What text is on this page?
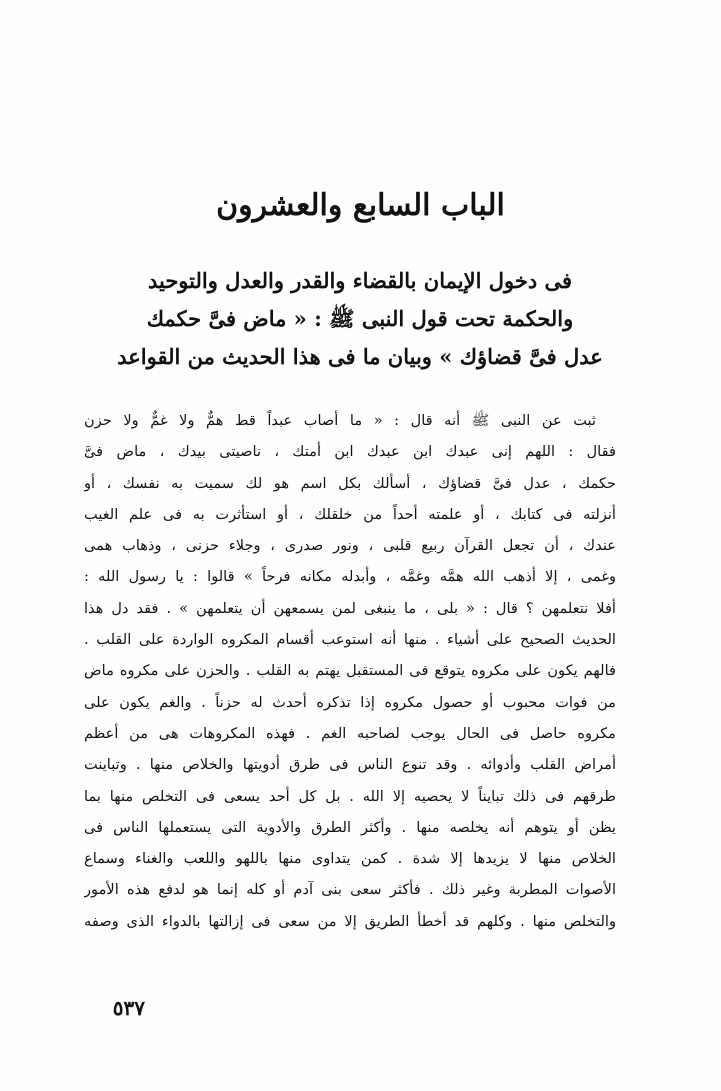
الباب السابع والعشرون
فى دخول الإيمان بالقضاء والقدر والعدل والتوحيد
والحكمة تحت قول النبى ﷺ : « ماض فىَّ حكمك
عدل فىَّ قضاؤك » وبيان ما فى هذا الحديث من القواعد
ثبت عن النبى ﷺ أنه قال : « ما أصاب عبداً قط همٌّ ولا غمٌّ ولا حزن
فقال : اللهم إنى عبدك ابن عبدك ابن أمتك ، ناصيتى بيدك ، ماض فىَّ
حكمك ، عدل فىَّ قضاؤك ، أسألك بكل اسم هو لك سميت به نفسك ، أو
أنزلته فى كتابك ، أو علمته أحداً من خلقلك ، أو استأثرت به فى علم الغيب
عندك ، أن تجعل القرآن ربيع قلبى ، ونور صدرى ، وجلاء حزنى ، وذهاب همى
وغمى ، إلا أذهب الله همَّه وغمَّه ، وأبدله مكانه فرحاً » قالوا : يا رسول الله :
أفلا نتعلمهن ؟ قال : « بلى ، ما ينبغى لمن يسمعهن أن يتعلمهن » . فقد دل هذا
الحديث الصحيح على أشياء . منها أنه استوعب أقسام المكروه الواردة على القلب .
فالهم يكون على مكروه يتوقع فى المستقبل يهتم به القلب . والحزن على مكروه ماض
من فوات محبوب أو حصول مكروه إذا تذكره أحدث له حزناً . والغم يكون على
مكروه حاصل فى الحال يوجب لصاحبه الغم . فهذه المكروهات هى من أعظم
أمراض القلب وأدوائه . وقد تنوع الناس فى طرق أدويتها والخلاص منها . وتباينت
طرقهم فى ذلك تبايناً لا يحصيه إلا الله . بل كل أحد يسعى فى التخلص منها بما
يظن أو يتوهم أنه يخلصه منها . وأكثر الطرق والأدوية التى يستعملها الناس فى
الخلاص منها لا يزيدها إلا شدة . كمن يتداوى منها باللهو واللعب والغناء وسماع
الأصوات المطربة وغير ذلك . فأكثر سعى بنى آدم أو كله إنما هو لدفع هذه الأمور
والتخلص منها . وكلهم قد أخطأ الطريق إلا من سعى فى إزالتها بالدواء الذى وصفه
٥٣٧
